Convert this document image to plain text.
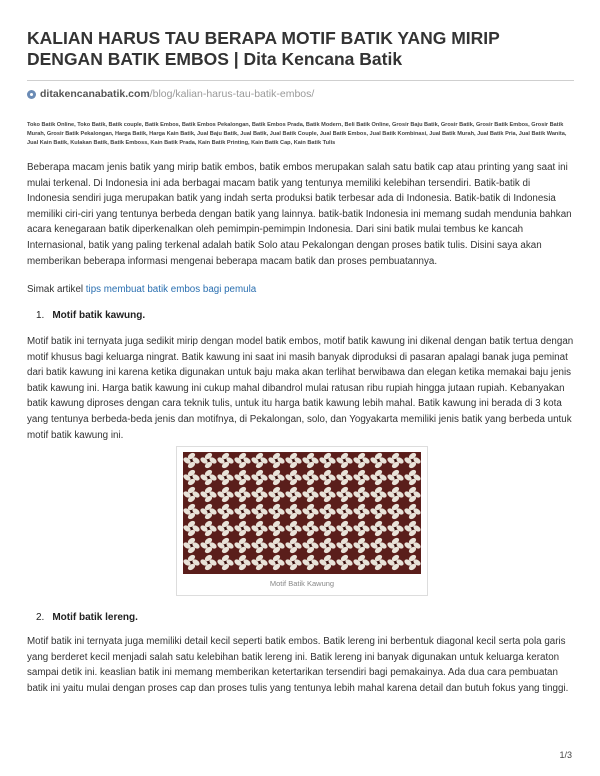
KALIAN HARUS TAU BERAPA MOTIF BATIK YANG MIRIP DENGAN BATIK EMBOS | Dita Kencana Batik
ditakencanabatik.com /blog/kalian-harus-tau-batik-embos/
Toko Batik Online, Toko Batik, Batik couple, Batik Embos, Batik Embos Pekalongan, Batik Embos Prada, Batik Modern, Beli Batik Online, Grosir Baju Batik, Grosir Batik, Grosir Batik Embos, Grosir Batik Murah, Grosir Batik Pekalongan, Harga Batik, Harga Kain Batik, Jual Baju Batik, Jual Batik, Jual Batik Couple, Jual Batik Embos, Jual Batik Kombinasi, Jual Batik Murah, Jual Batik Pria, Jual Batik Wanita, Jual Kain Batik, Kulakan Batik, Batik Emboss, Kain Batik Prada, Kain Batik Printing, Kain Batik Cap, Kain Batik Tulis

Beberapa macam jenis batik yang mirip batik embos, batik embos merupakan salah satu batik cap atau printing yang saat ini mulai terkenal. Di Indonesia ini ada berbagai macam batik yang tentunya memiliki kelebihan tersendiri. Batik-batik di Indonesia sendiri juga merupakan batik yang indah serta produksi batik terbesar ada di Indonesia. Batik-batik di Indonesia memiliki ciri-ciri yang tentunya berbeda dengan batik yang lainnya. batik-batik Indonesia ini memang sudah mendunia bahkan acara kenegaraan batik diperkenalkan oleh pemimpin-pemimpin Indonesia. Dari sini batik mulai tembus ke kancah Internasional, batik yang paling terkenal adalah batik Solo atau Pekalongan dengan proses batik tulis. Disini saya akan memberikan beberapa informasi mengenai beberapa macam batik dan proses pembuatannya.

Simak artikel tips membuat batik embos bagi pemula

1. Motif batik kawung.

Motif batik ini ternyata juga sedikit mirip dengan model batik embos, motif batik kawung ini dikenal dengan batik tertua dengan motif khusus bagi keluarga ningrat. Batik kawung ini saat ini masih banyak diproduksi di pasaran apalagi banak juga peminat dari batik kawung ini karena ketika digunakan untuk baju maka akan terlihat berwibawa dan elegan ketika memakai baju jenis batik kawung ini. Harga batik kawung ini cukup mahal dibandrol mulai ratusan ribu rupiah hingga jutaan rupiah. Kebanyakan batik kawung diproses dengan cara teknik tulis, untuk itu harga batik kawung lebih mahal. Batik kawung ini berada di 3 kota yang tentunya berbeda-beda jenis dan motifnya, di Pekalongan, solo, dan Yogyakarta memiliki jenis batik yang berbeda untuk motif batik kawung ini.

Motif Batik Kawung
2. Motif batik lereng.

Motif batik ini ternyata juga memiliki detail kecil seperti batik embos. Batik lereng ini berbentuk diagonal kecil serta pola garis yang berderet kecil menjadi salah satu kelebihan batik lereng ini. Batik lereng ini banyak digunakan untuk keluarga keraton sampai detik ini. keaslian batik ini memang memberikan ketertarikan tersendiri bagi pemakainya. Ada dua cara pembuatan batik ini yaitu mulai dengan proses cap dan proses tulis yang tentunya lebih mahal karena detail dan butuh fokus yang tinggi.

1/3
